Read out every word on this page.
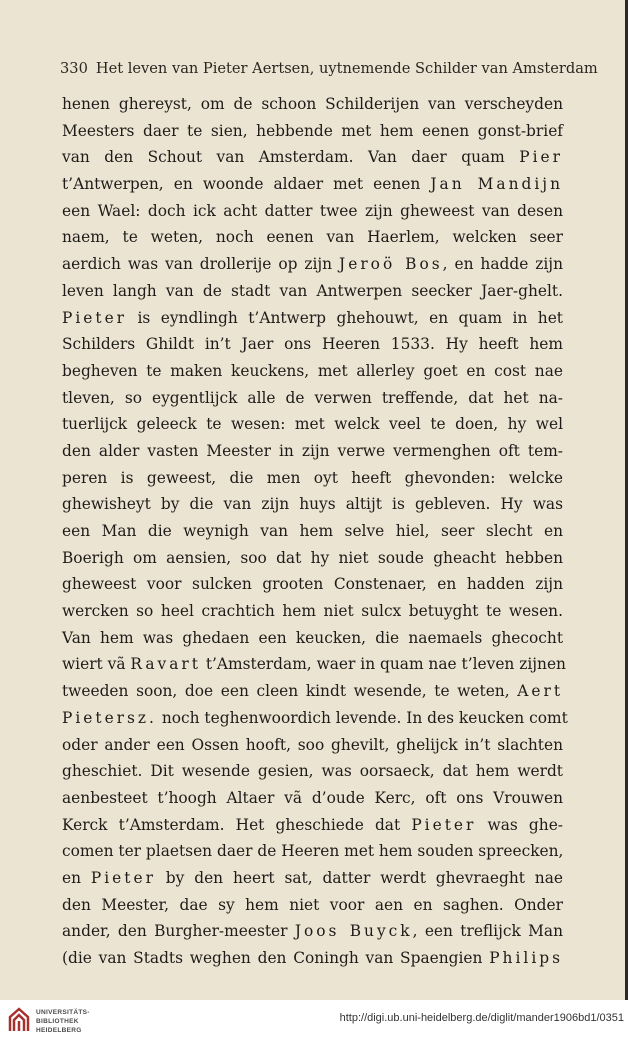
330 Het leven van Pieter Aertsen, uytnemende Schilder van Amsterdam
henen ghereyst, om de schoon Schilderijen van verscheyden
Meesters daer te sien, hebbende met hem eenen gonst-brief
van den Schout van Amsterdam. Van daer quam Pier
t’Antwerpen, en woonde aldaer met eenen Jan Mandijn
een Wael: doch ick acht datter twee zijn gheweest van desen
naem, te weten, noch eenen van Haerlem, welcken seer
aerdich was van drollerije op zijn Jeroö Bos, en hadde zijn
leven langh van de stadt van Antwerpen seecker Jaer-ghelt.
Pieter is eyndlingh t’Antwerp ghehouwt, en quam in het
Schilders Ghildt in’t Jaer ons Heeren 1533. Hy heeft hem
begheven te maken keuckens, met allerley goet en cost nae
tleven, so eygentlijck alle de verwen treffende, dat het na-
tuerlijck geleeck te wesen: met welck veel te doen, hy wel
den alder vasten Meester in zijn verwe vermenghen oft tem-
peren is geweest, die men oyt heeft ghevonden: welcke
ghewisheyt by die van zijn huys altijt is gebleven. Hy was
een Man die weynigh van hem selve hiel, seer slecht en
Boerigh om aensien, soo dat hy niet soude gheacht hebben
gheweest voor sulcken grooten Constenaer, en hadden zijn
wercken so heel crachtich hem niet sulcx betuyght te wesen.
Van hem was ghedaen een keucken, die naemaels ghecocht
wiert vã Ravart t’Amsterdam, waer in quam nae t’leven zijnen
tweeden soon, doe een cleen kindt wesende, te weten, Aert
Pietersz. noch teghenwoordich levende. In des keucken comt
oder ander een Ossen hooft, soo ghevilt, ghelijck in’t slachten
gheschiet. Dit wesende gesien, was oorsaeck, dat hem werdt
aenbesteet t’hoogh Altaer vã d’oude Kerc, oft ons Vrouwen
Kerck t’Amsterdam. Het gheschiede dat Pieter was ghe-
comen ter plaetsen daer de Heeren met hem souden spreecken,
en Pieter by den heert sat, datter werdt ghevraeght nae
den Meester, dae sy hem niet voor aen en saghen. Onder
ander, den Burgher-meester Joos Buyck, een treflijck Man
(die van Stadts weghen den Coningh van Spaengien Philips
UNIVERSITÄTS-
BIBLIOTHEK
HEIDELBERG
http://digi.ub.uni-heidelberg.de/diglit/mander1906bd1/0351
